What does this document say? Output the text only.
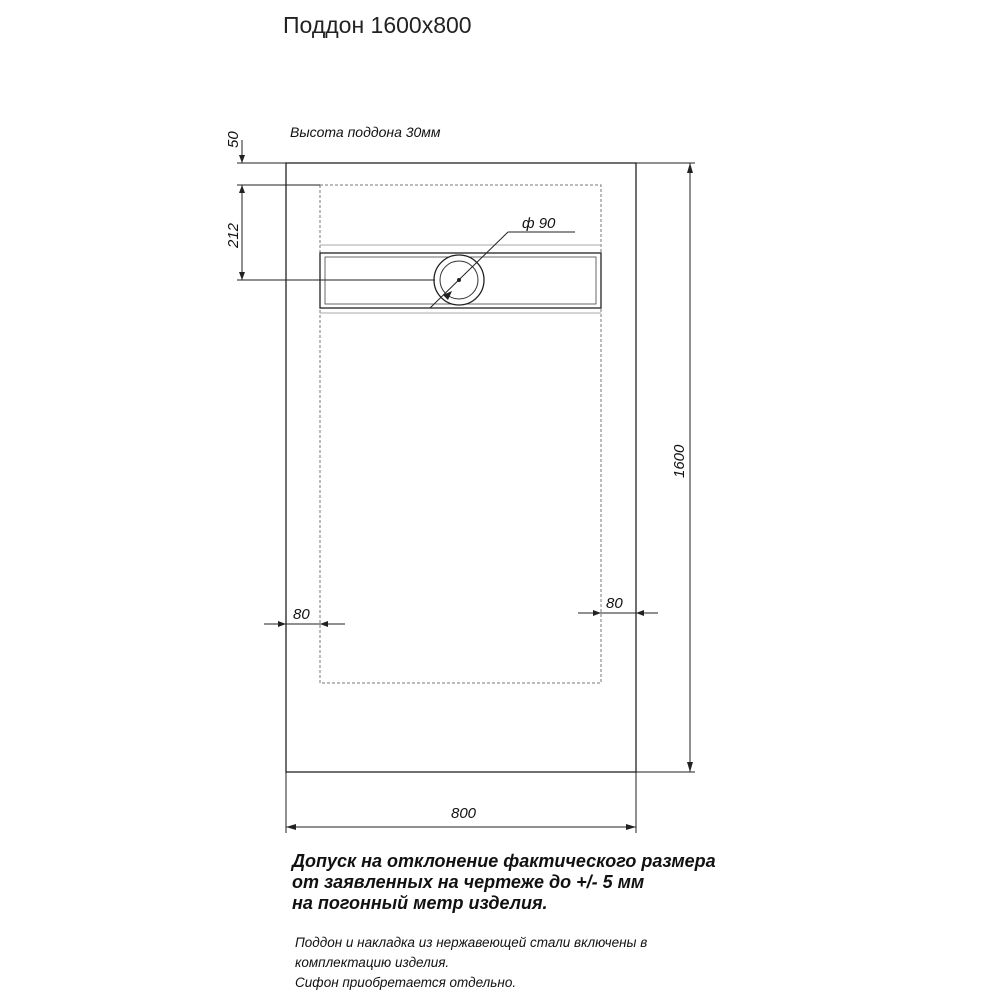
Поддон 1600x800
ф 90
50
212
1600
800
80
80
Высота поддона 30мм
Допуск на отклонение фактического размера
от заявленных на чертеже до +/- 5 мм
на погонный метр изделия.
Поддон и накладка из нержавеющей стали включены в
комплектацию изделия.
Сифон приобретается отдельно.
